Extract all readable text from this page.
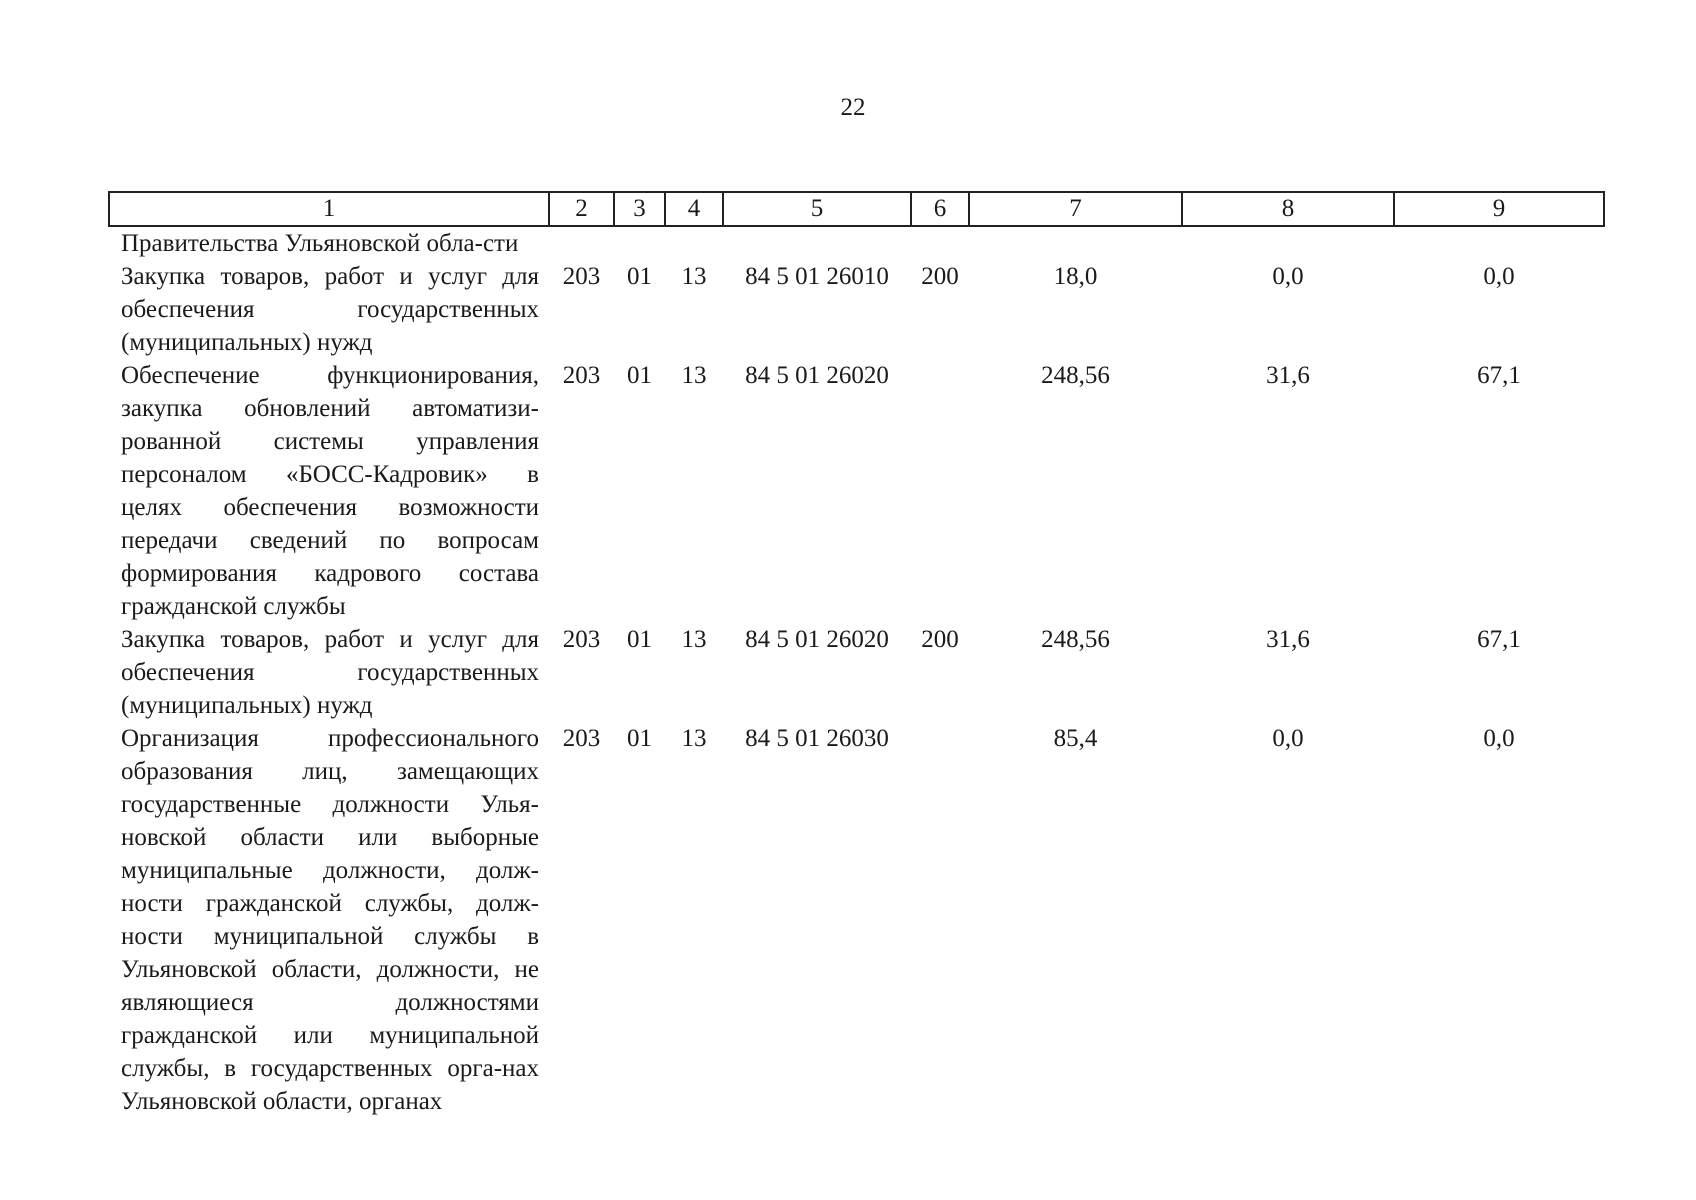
22
1	2	3	4	5	6	7	8	9
Правительства Ульяновской обла-сти								
Закупка товаров, работ и услуг для обеспечения государственных (муниципальных) нужд	203	01	13	84 5 01 26010	200	18,0	0,0	0,0
Обеспечение функционирования, закупка обновлений автоматизи-рованной системы управления персоналом «БОСС-Кадровик» в целях обеспечения возможности передачи сведений по вопросам формирования кадрового состава гражданской службы	203	01	13	84 5 01 26020		248,56	31,6	67,1
Закупка товаров, работ и услуг для обеспечения государственных (муниципальных) нужд	203	01	13	84 5 01 26020	200	248,56	31,6	67,1
Организация профессионального образования лиц, замещающих государственные должности Улья-новской области или выборные муниципальные должности, долж-ности гражданской службы, долж-ности муниципальной службы в Ульяновской области, должности, не являющиеся должностями гражданской или муниципальной службы, в государственных орга-нах Ульяновской области, органах	203	01	13	84 5 01 26030		85,4	0,0	0,0
